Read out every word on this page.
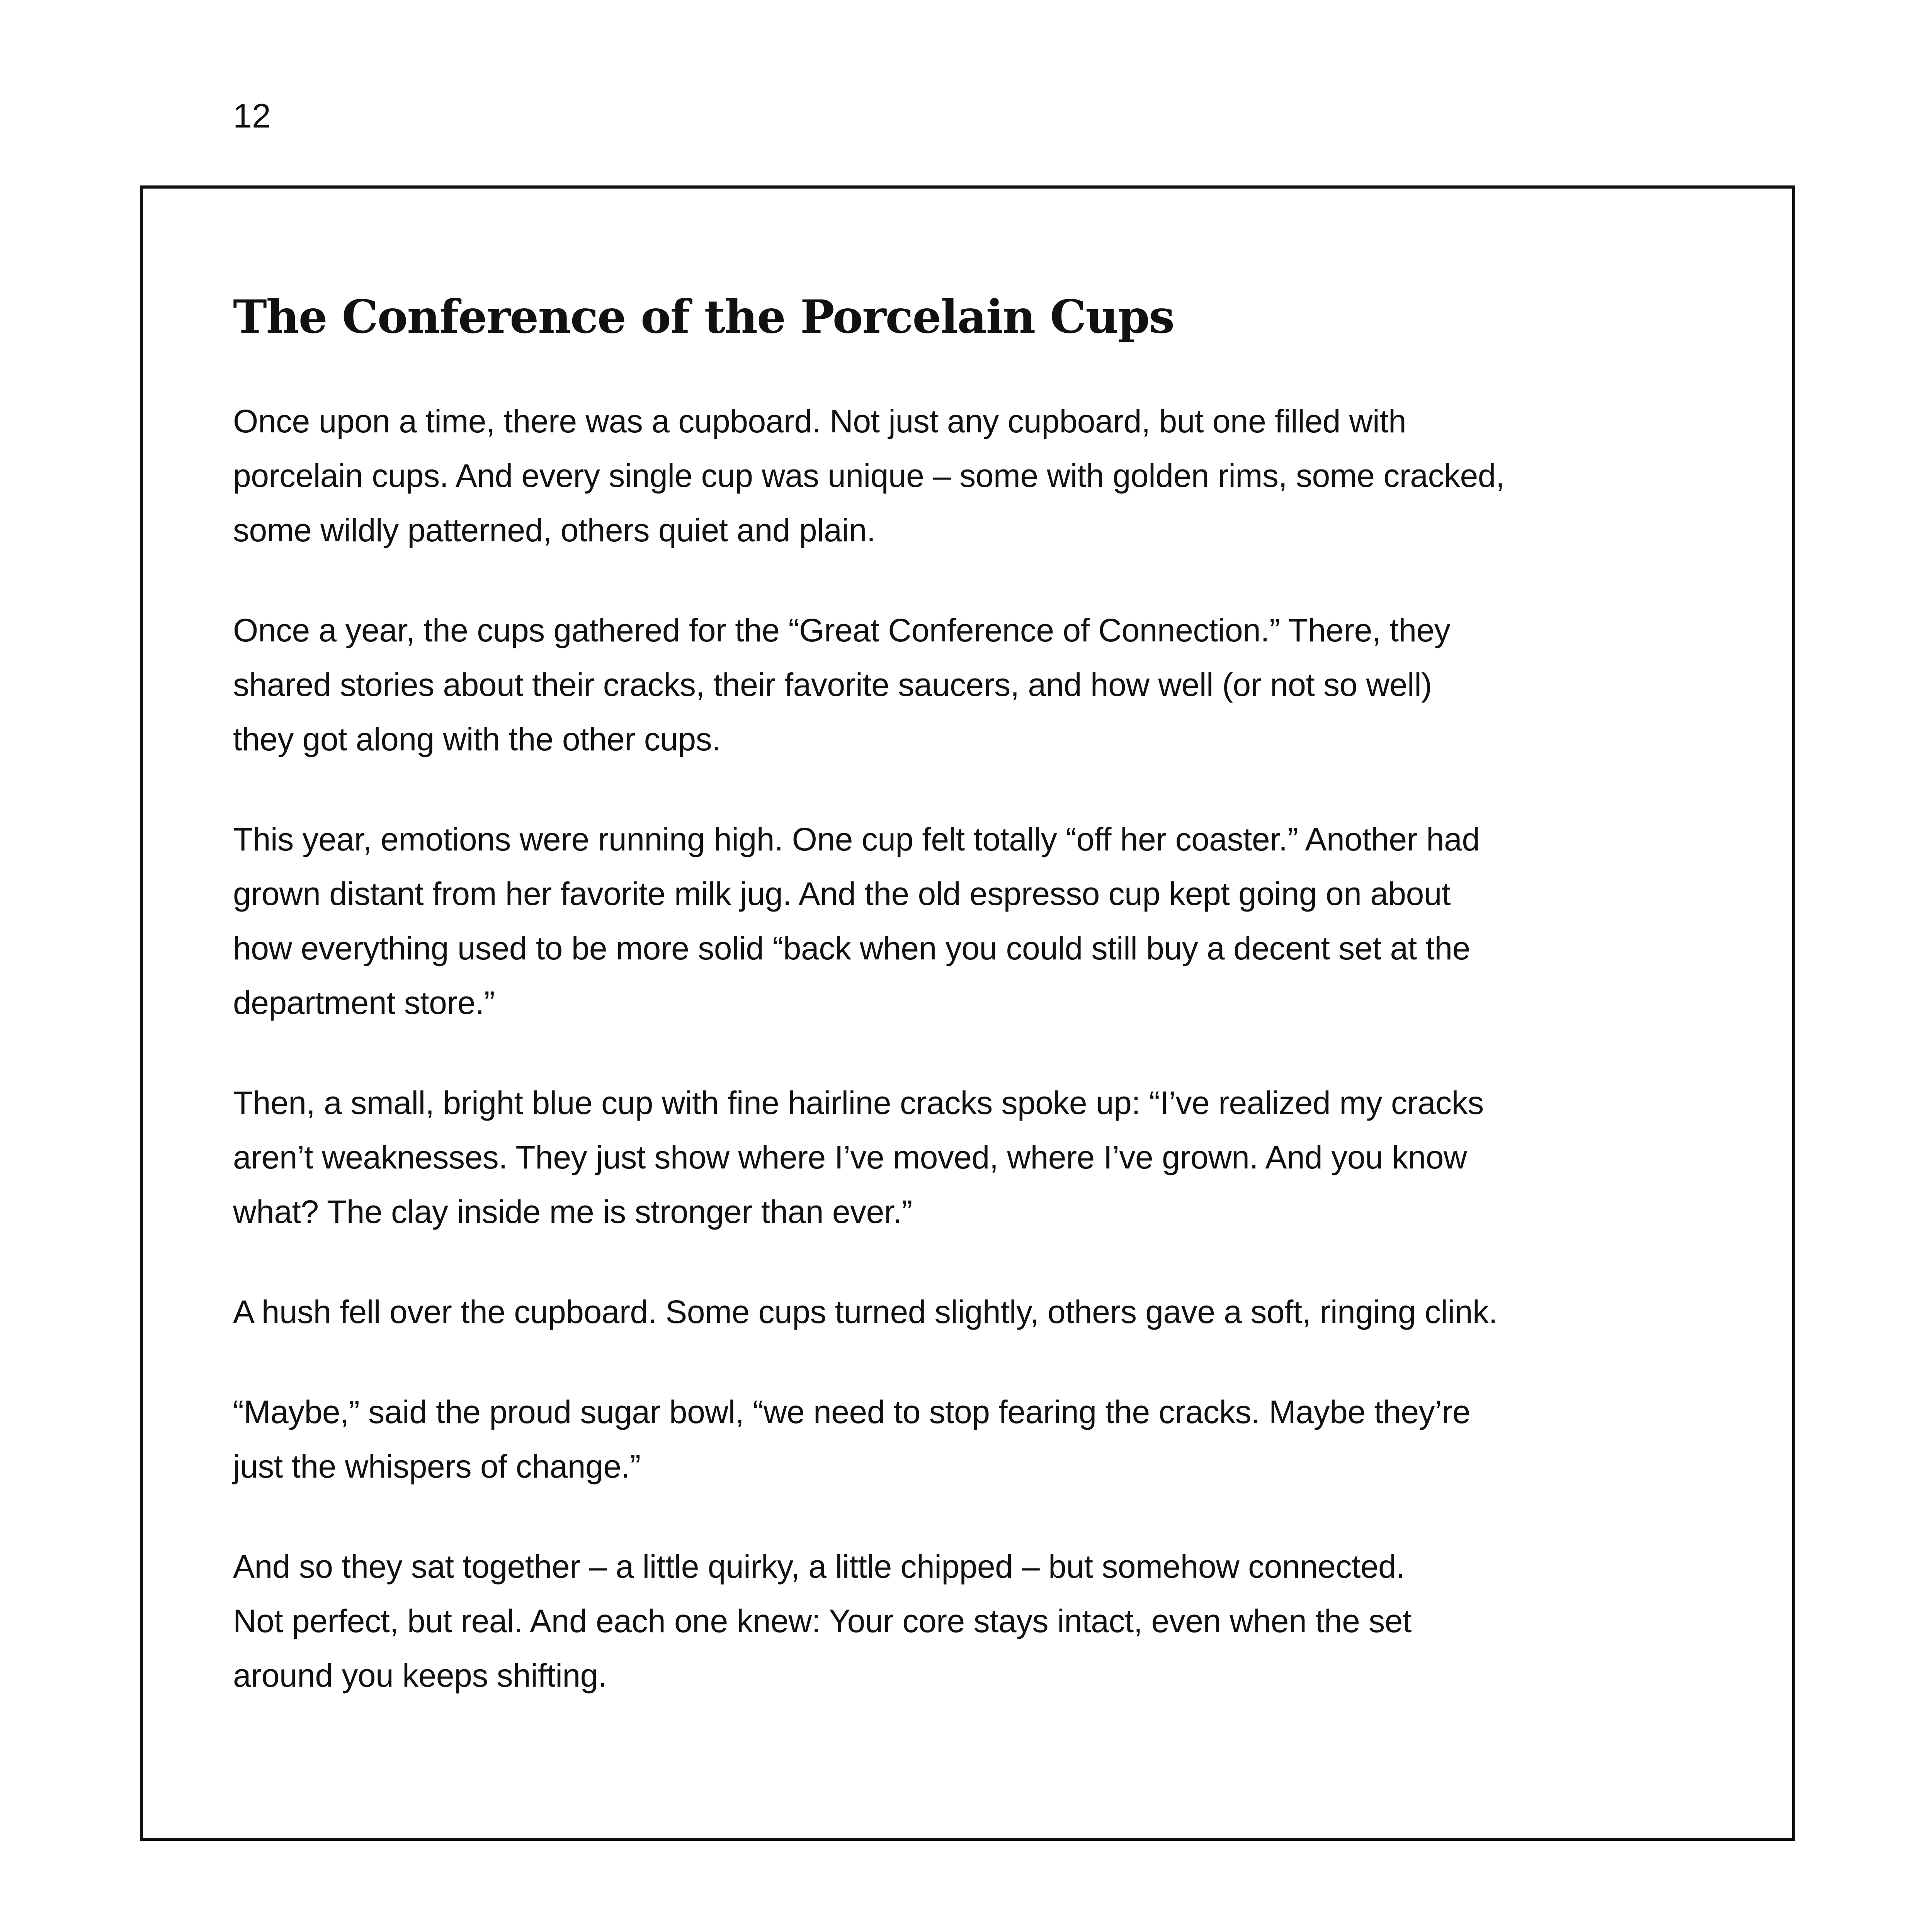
12

The Conference of the Porcelain Cups

Once upon a time, there was a cupboard. Not just any cupboard, but one filled with
porcelain cups. And every single cup was unique – some with golden rims, some cracked,
some wildly patterned, others quiet and plain.

Once a year, the cups gathered for the “Great Conference of Connection.” There, they
shared stories about their cracks, their favorite saucers, and how well (or not so well)
they got along with the other cups.

This year, emotions were running high. One cup felt totally “off her coaster.” Another had
grown distant from her favorite milk jug. And the old espresso cup kept going on about
how everything used to be more solid “back when you could still buy a decent set at the
department store.”

Then, a small, bright blue cup with fine hairline cracks spoke up: “I’ve realized my cracks
aren’t weaknesses. They just show where I’ve moved, where I’ve grown. And you know
what? The clay inside me is stronger than ever.”

A hush fell over the cupboard. Some cups turned slightly, others gave a soft, ringing clink.

“Maybe,” said the proud sugar bowl, “we need to stop fearing the cracks. Maybe they’re
just the whispers of change.”

And so they sat together – a little quirky, a little chipped – but somehow connected.
Not perfect, but real. And each one knew: Your core stays intact, even when the set
around you keeps shifting.
